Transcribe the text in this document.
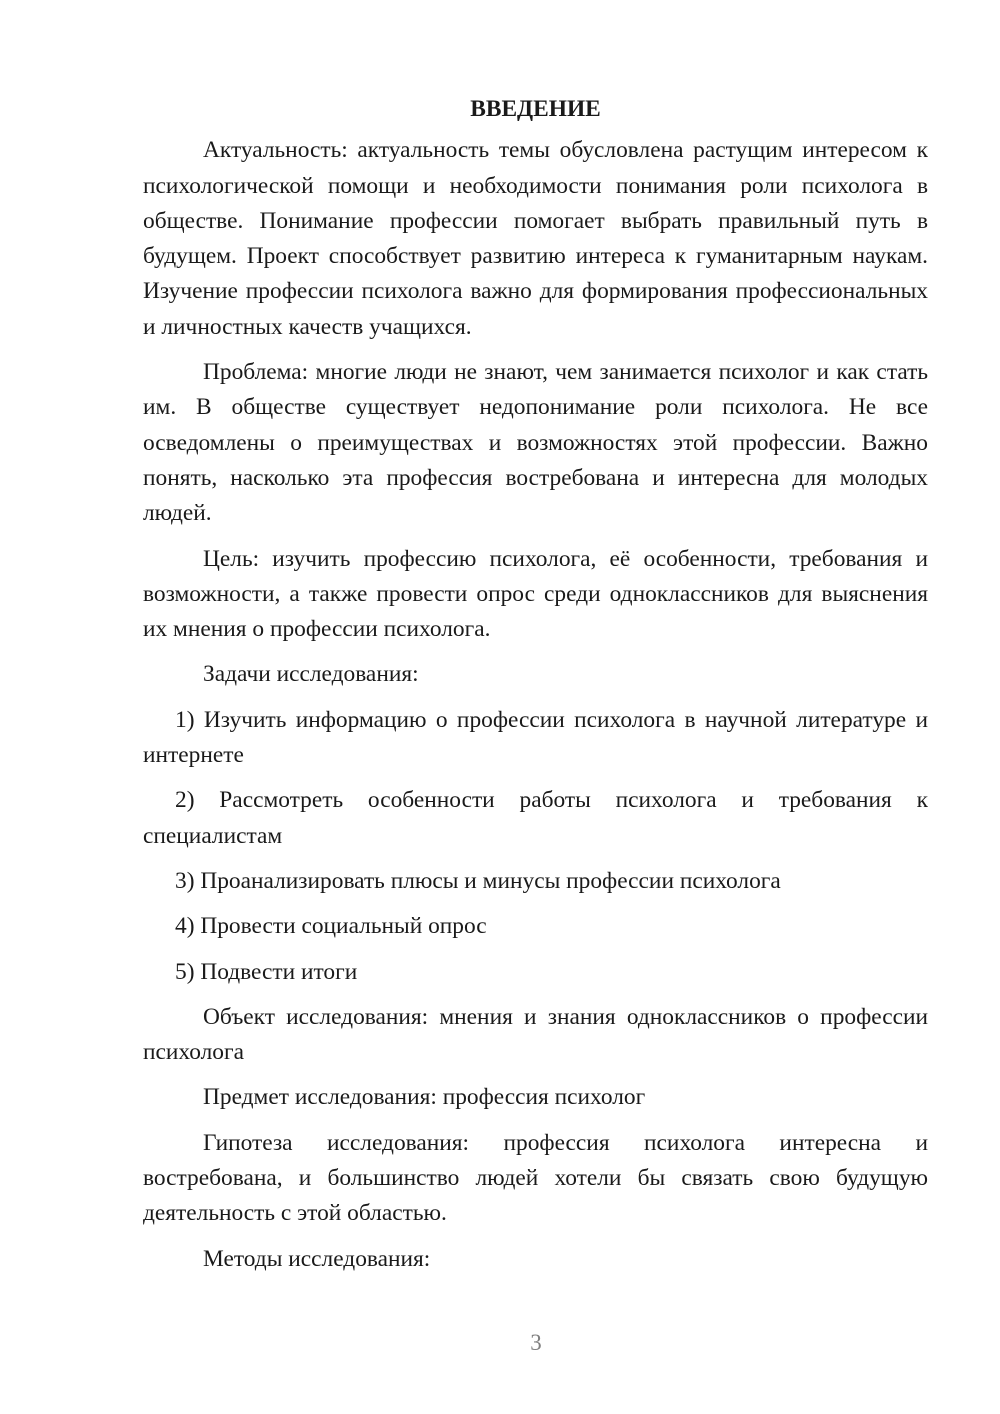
ВВЕДЕНИЕ

Актуальность: актуальность темы обусловлена растущим интересом к психологической помощи и необходимости понимания роли психолога в обществе. Понимание профессии помогает выбрать правильный путь в будущем. Проект способствует развитию интереса к гуманитарным наукам. Изучение профессии психолога важно для формирования профессиональных и личностных качеств учащихся.

Проблема: многие люди не знают, чем занимается психолог и как стать им. В обществе существует недопонимание роли психолога. Не все осведомлены о преимуществах и возможностях этой профессии. Важно понять, насколько эта профессия востребована и интересна для молодых людей.

Цель: изучить профессию психолога, её особенности, требования и возможности, а также провести опрос среди одноклассников для выяснения их мнения о профессии психолога.

Задачи исследования:

1) Изучить информацию о профессии психолога в научной литературе и интернете

2) Рассмотреть особенности работы психолога и требования к специалистам

3) Проанализировать плюсы и минусы профессии психолога

4) Провести социальный опрос

5) Подвести итоги

Объект исследования: мнения и знания одноклассников о профессии психолога

Предмет исследования: профессия психолог

Гипотеза исследования: профессия психолога интересна и востребована, и большинство людей хотели бы связать свою будущую деятельность с этой областью.

Методы исследования:

3
